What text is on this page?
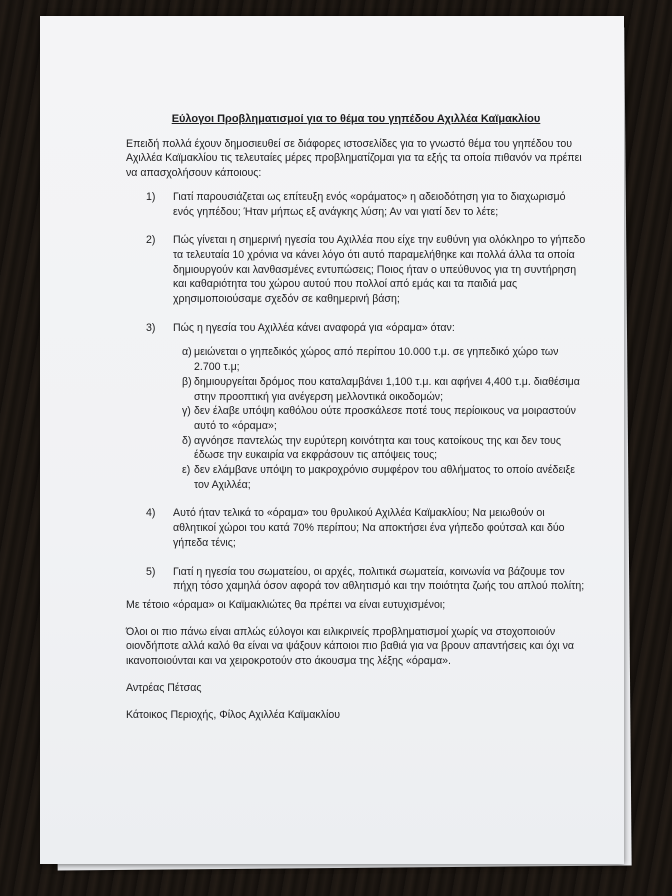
Εύλογοι Προβληματισμοί για το θέμα του γηπέδου Αχιλλέα Καϊμακλίου

Επειδή πολλά έχουν δημοσιευθεί σε διάφορες ιστοσελίδες για το γνωστό θέμα του γηπέδου του Αχιλλέα Καϊμακλίου τις τελευταίες μέρες προβληματίζομαι για τα εξής τα οποία πιθανόν να πρέπει να απασχολήσουν κάποιους:

1) Γιατί παρουσιάζεται ως επίτευξη ενός «οράματος» η αδειοδότηση για το διαχωρισμό ενός γηπέδου; Ήταν μήπως εξ ανάγκης λύση; Αν ναι γιατί δεν το λέτε;

2) Πώς γίνεται η σημερινή ηγεσία του Αχιλλέα που είχε την ευθύνη για ολόκληρο το γήπεδο τα τελευταία 10 χρόνια να κάνει λόγο ότι αυτό παραμελήθηκε και πολλά άλλα τα οποία δημιουργούν και λανθασμένες εντυπώσεις; Ποιος ήταν ο υπεύθυνος για τη συντήρηση και καθαριότητα του χώρου αυτού που πολλοί από εμάς και τα παιδιά μας χρησιμοποιούσαμε σχεδόν σε καθημερινή βάση;

3) Πώς η ηγεσία του Αχιλλέα κάνει αναφορά για «όραμα» όταν:

α) μειώνεται ο γηπεδικός χώρος από περίπου 10.000 τ.μ. σε γηπεδικό χώρο των 2.700 τ.μ;

β) δημιουργείται δρόμος που καταλαμβάνει 1,100 τ.μ. και αφήνει 4,400 τ.μ. διαθέσιμα στην προοπτική για ανέγερση μελλοντικά οικοδομών;

γ) δεν έλαβε υπόψη καθόλου ούτε προσκάλεσε ποτέ τους περίοικους να μοιραστούν αυτό το «όραμα»;

δ) αγνόησε παντελώς την ευρύτερη κοινότητα και τους κατοίκους της και δεν τους έδωσε την ευκαιρία να εκφράσουν τις απόψεις τους;

ε) δεν ελάμβανε υπόψη το μακροχρόνιο συμφέρον του αθλήματος το οποίο ανέδειξε τον Αχιλλέα;

4) Αυτό ήταν τελικά το «όραμα» του θρυλικού Αχιλλέα Καϊμακλίου; Να μειωθούν οι αθλητικοί χώροι του κατά 70% περίπου; Να αποκτήσει ένα γήπεδο φούτσαλ και δύο γήπεδα τένις;

5) Γιατί η ηγεσία του σωματείου, οι αρχές, πολιτικά σωματεία, κοινωνία να βάζουμε τον πήχη τόσο χαμηλά όσον αφορά τον αθλητισμό και την ποιότητα ζωής του απλού πολίτη;

Με τέτοιο «όραμα» οι Καϊμακλιώτες θα πρέπει να είναι ευτυχισμένοι;

Όλοι οι πιο πάνω είναι απλώς εύλογοι και ειλικρινείς προβληματισμοί χωρίς να στοχοποιούν οιονδήποτε αλλά καλό θα είναι να ψάξουν κάποιοι πιο βαθιά για να βρουν απαντήσεις και όχι να ικανοποιούνται και να χειροκροτούν στο άκουσμα της λέξης «όραμα».

Αντρέας Πέτσας

Κάτοικος Περιοχής, Φίλος Αχιλλέα Καϊμακλίου
